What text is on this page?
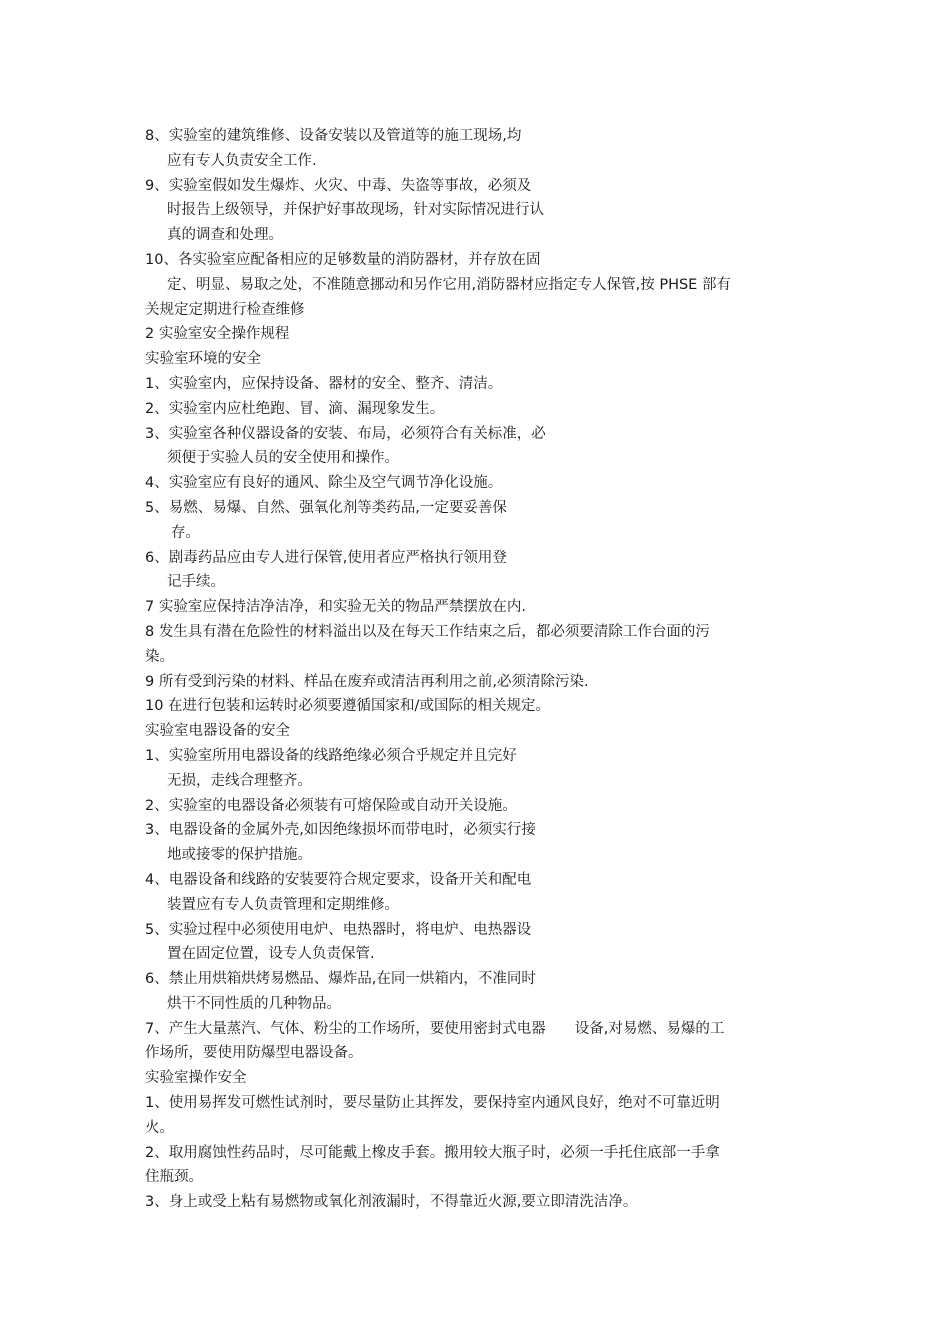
8、实验室的建筑维修、设备安装以及管道等的施工现场,均
应有专人负责安全工作.
9、实验室假如发生爆炸、火灾、中毒、失盗等事故，必须及
时报告上级领导，并保护好事故现场，针对实际情况进行认
真的调查和处理。
10、各实验室应配备相应的足够数量的消防器材，并存放在固
定、明显、易取之处，不准随意挪动和另作它用,消防器材应指定专人保管,按 PHSE 部有
关规定定期进行检查维修
2 实验室安全操作规程
实验室环境的安全
1、实验室内，应保持设备、器材的安全、整齐、清洁。
2、实验室内应杜绝跑、冒、滴、漏现象发生。
3、实验室各种仪器设备的安装、布局，必须符合有关标准，必
须便于实验人员的安全使用和操作。
4、实验室应有良好的通风、除尘及空气调节净化设施。
5、易燃、易爆、自然、强氧化剂等类药品,一定要妥善保
存。
6、剧毒药品应由专人进行保管,使用者应严格执行领用登
记手续。
7 实验室应保持洁净洁净，和实验无关的物品严禁摆放在内.
8 发生具有潜在危险性的材料溢出以及在每天工作结束之后，都必须要清除工作台面的污
染。
9 所有受到污染的材料、样品在废弃或清洁再利用之前,必须清除污染.
10 在进行包装和运转时必须要遵循国家和/或国际的相关规定。
实验室电器设备的安全
1、实验室所用电器设备的线路绝缘必须合乎规定并且完好
无损，走线合理整齐。
2、实验室的电器设备必须装有可熔保险或自动开关设施。
3、电器设备的金属外壳,如因绝缘损坏而带电时，必须实行接
地或接零的保护措施。
4、电器设备和线路的安装要符合规定要求，设备开关和配电
装置应有专人负责管理和定期维修。
5、实验过程中必须使用电炉、电热器时，将电炉、电热器设
置在固定位置，设专人负责保管.
6、禁止用烘箱烘烤易燃品、爆炸品,在同一烘箱内，不准同时
烘干不同性质的几种物品。
7、产生大量蒸汽、气体、粉尘的工作场所，要使用密封式电器　　设备,对易燃、易爆的工
作场所，要使用防爆型电器设备。
实验室操作安全
1、使用易挥发可燃性试剂时，要尽量防止其挥发，要保持室内通风良好，绝对不可靠近明
火。
2、取用腐蚀性药品时，尽可能戴上橡皮手套。搬用较大瓶子时，必须一手托住底部一手拿
住瓶颈。
3、身上或受上粘有易燃物或氧化剂液漏时，不得靠近火源,要立即清洗洁净。
